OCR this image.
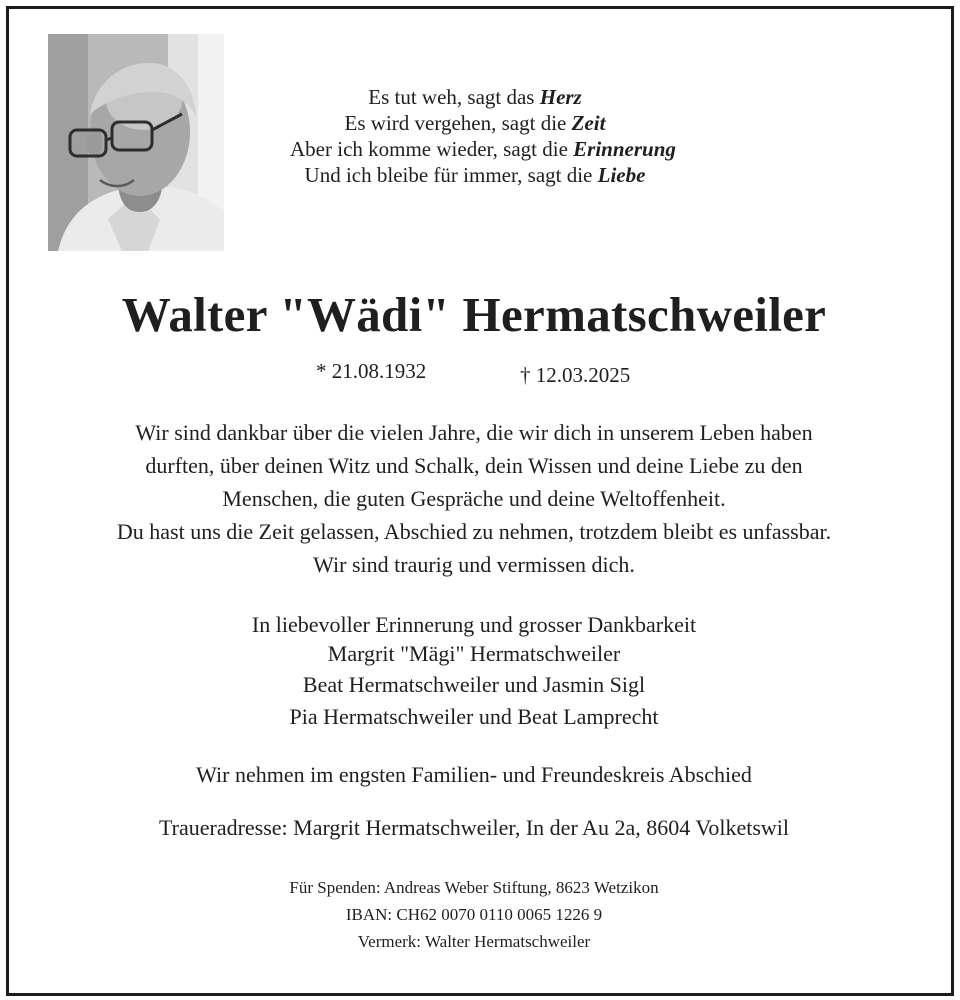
Es tut weh, sagt das Herz
Es wird vergehen, sagt die Zeit
Aber ich komme wieder, sagt die Erinnerung
Und ich bleibe für immer, sagt die Liebe
Walter "Wädi" Hermatschweiler
* 21.08.1932	† 12.03.2025
Wir sind dankbar über die vielen Jahre, die wir dich in unserem Leben haben
durften, über deinen Witz und Schalk, dein Wissen und deine Liebe zu den
Menschen, die guten Gespräche und deine Weltoffenheit.
Du hast uns die Zeit gelassen, Abschied zu nehmen, trotzdem bleibt es unfassbar.
Wir sind traurig und vermissen dich.
In liebevoller Erinnerung und grosser Dankbarkeit
Margrit "Mägi" Hermatschweiler
Beat Hermatschweiler und Jasmin Sigl
Pia Hermatschweiler und Beat Lamprecht
Wir nehmen im engsten Familien- und Freundeskreis Abschied
Traueradresse: Margrit Hermatschweiler, In der Au 2a, 8604 Volketswil
Für Spenden: Andreas Weber Stiftung, 8623 Wetzikon
IBAN: CH62 0070 0110 0065 1226 9
Vermerk: Walter Hermatschweiler
